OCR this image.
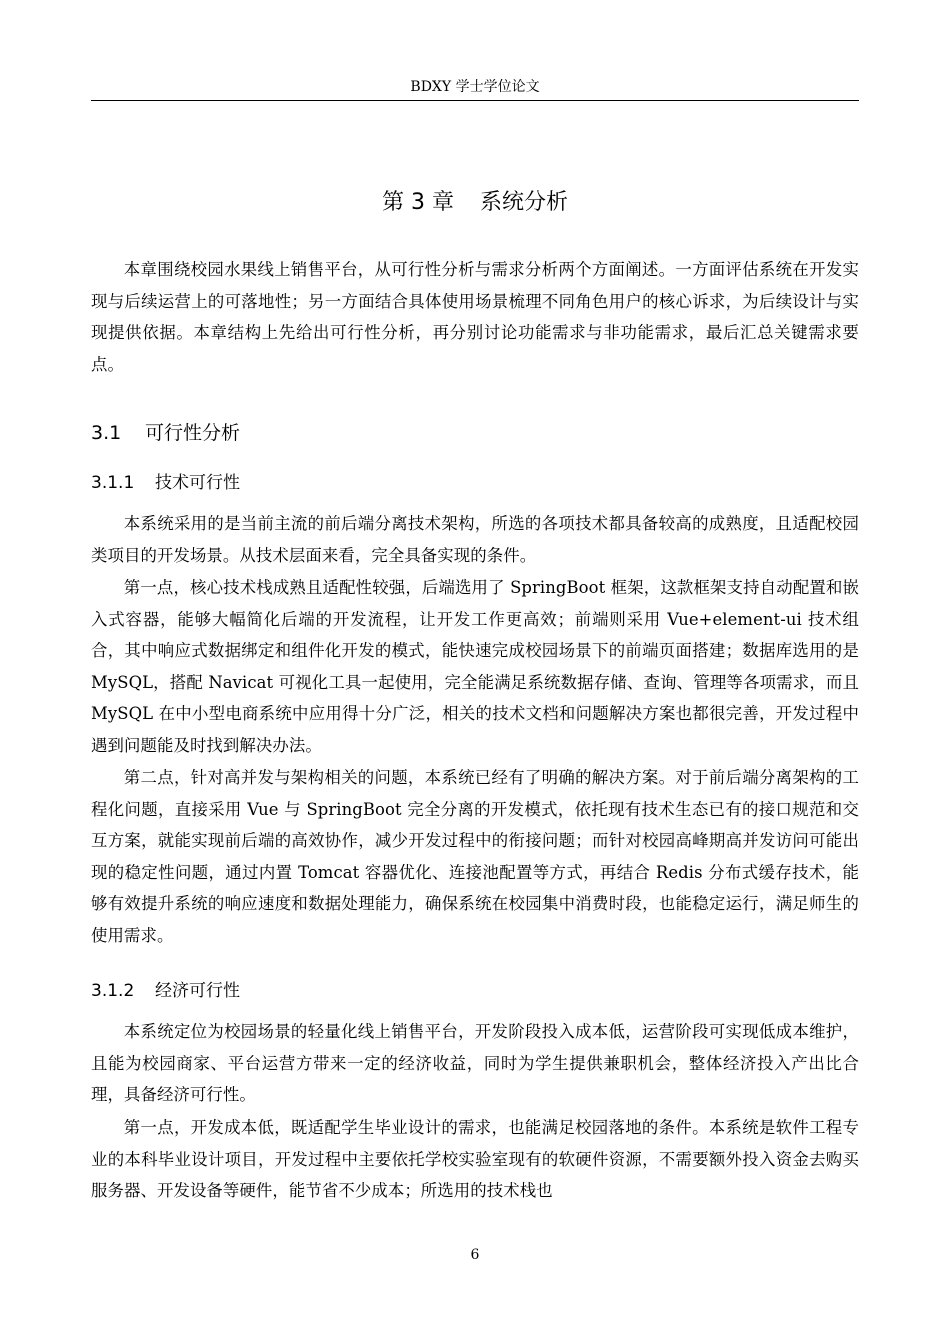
BDXY 学士学位论文
第 3 章 系统分析

本章围绕校园水果线上销售平台，从可行性分析与需求分析两个方面阐述。一方面评估系统在开发实现与后续运营上的可落地性；另一方面结合具体使用场景梳理不同角色用户的核心诉求，为后续设计与实现提供依据。本章结构上先给出可行性分析，再分别讨论功能需求与非功能需求，最后汇总关键需求要点。

3.1 可行性分析
3.1.1 技术可行性

本系统采用的是当前主流的前后端分离技术架构，所选的各项技术都具备较高的成熟度，且适配校园类项目的开发场景。从技术层面来看，完全具备实现的条件。

第一点，核心技术栈成熟且适配性较强，后端选用了 SpringBoot 框架，这款框架支持自动配置和嵌入式容器，能够大幅简化后端的开发流程，让开发工作更高效；前端则采用 Vue+element-ui 技术组合，其中响应式数据绑定和组件化开发的模式，能快速完成校园场景下的前端页面搭建；数据库选用的是 MySQL，搭配 Navicat 可视化工具一起使用，完全能满足系统数据存储、查询、管理等各项需求，而且 MySQL 在中小型电商系统中应用得十分广泛，相关的技术文档和问题解决方案也都很完善，开发过程中遇到问题能及时找到解决办法。

第二点，针对高并发与架构相关的问题，本系统已经有了明确的解决方案。对于前后端分离架构的工程化问题，直接采用 Vue 与 SpringBoot 完全分离的开发模式，依托现有技术生态已有的接口规范和交互方案，就能实现前后端的高效协作，减少开发过程中的衔接问题；而针对校园高峰期高并发访问可能出现的稳定性问题，通过内置 Tomcat 容器优化、连接池配置等方式，再结合 Redis 分布式缓存技术，能够有效提升系统的响应速度和数据处理能力，确保系统在校园集中消费时段，也能稳定运行，满足师生的使用需求。

3.1.2 经济可行性

本系统定位为校园场景的轻量化线上销售平台，开发阶段投入成本低，运营阶段可实现低成本维护，且能为校园商家、平台运营方带来一定的经济收益，同时为学生提供兼职机会，整体经济投入产出比合理，具备经济可行性。

第一点，开发成本低，既适配学生毕业设计的需求，也能满足校园落地的条件。本系统是软件工程专业的本科毕业设计项目，开发过程中主要依托学校实验室现有的软硬件资源，不需要额外投入资金去购买服务器、开发设备等硬件，能节省不少成本；所选用的技术栈也

6
